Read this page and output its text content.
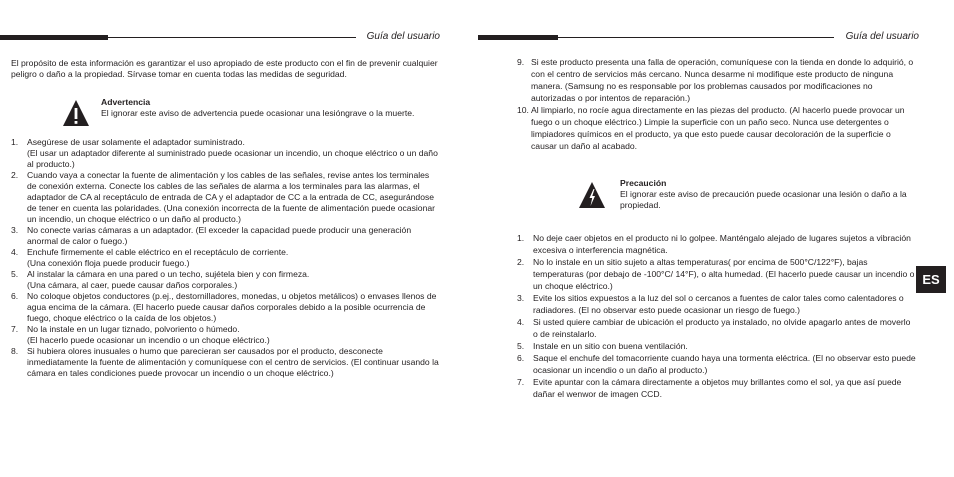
Guía del usuario

El propósito de esta información es garantizar el uso apropiado de este producto con el fin de prevenir cualquier peligro o daño a la propiedad. Sírvase tomar en cuenta todas las medidas de seguridad.

Advertencia
El ignorar este aviso de advertencia puede ocasionar una lesióngrave o la muerte.
1. Asegúrese de usar solamente el adaptador suministrado.
(El usar un adaptador diferente al suministrado puede ocasionar un incendio, un choque eléctrico o un daño al producto.)
2. Cuando vaya a conectar la fuente de alimentación y los cables de las señales, revise antes los terminales de conexión externa. Conecte los cables de las señales de alarma a los terminales para las alarmas, el adaptador de CA al receptáculo de entrada de CA y el adaptador de CC a la entrada de CC, asegurándose de tener en cuenta las polaridades. (Una conexión incorrecta de la fuente de alimentación puede ocasionar un incendio, un choque eléctrico o un daño al producto.)
3. No conecte varias cámaras a un adaptador. (El exceder la capacidad puede producir una generación anormal de calor o fuego.)
4. Enchufe firmemente el cable eléctrico en el receptáculo de corriente.
(Una conexión floja puede producir fuego.)
5. Al instalar la cámara en una pared o un techo, sujétela bien y con firmeza.
(Una cámara, al caer, puede causar daños corporales.)
6. No coloque objetos conductores (p.ej., destornilladores, monedas, u objetos metálicos) o envases llenos de agua encima de la cámara. (El hacerlo puede causar daños corporales debido a la posible ocurrencia de fuego, choque eléctrico o la caída de los objetos.)
7. No la instale en un lugar tiznado, polvoriento o húmedo.
(El hacerlo puede ocasionar un incendio o un choque eléctrico.)
8. Si hubiera olores inusuales o humo que parecieran ser causados por el producto, desconecte inmediatamente la fuente de alimentación y comuníquese con el centro de servicios. (El continuar usando la cámara en tales condiciones puede provocar un incendio o un choque eléctrico.)
Guía del usuario
9. Si este producto presenta una falla de operación, comuníquese con la tienda en donde lo adquirió, o con el centro de servicios más cercano. Nunca desarme ni modifique este producto de ninguna manera. (Samsung no es responsable por los problemas causados por modificaciones no autorizadas o por intentos de reparación.)
10. Al limpiarlo, no rocíe agua directamente en las piezas del producto. (Al hacerlo puede provocar un fuego o un choque eléctrico.) Limpie la superficie con un paño seco. Nunca use detergentes o limpiadores químicos en el producto, ya que esto puede causar decoloración de la superficie o causar un daño al acabado.
Precaución
El ignorar este aviso de precaución puede ocasionar una lesión o daño a la propiedad.
1. No deje caer objetos en el producto ni lo golpee. Manténgalo alejado de lugares sujetos a vibración excesiva o interferencia magnética.
2. No lo instale en un sitio sujeto a altas temperaturas( por encima de 500°C/122°F), bajas temperaturas (por debajo de -100°C/ 14°F), o alta humedad. (El hacerlo puede causar un incendio o un choque eléctrico.)
3. Evite los sitios expuestos a la luz del sol o cercanos a fuentes de calor tales como calentadores o radiadores. (El no observar esto puede ocasionar un riesgo de fuego.)
4. Si usted quiere cambiar de ubicación el producto ya instalado, no olvide apagarlo antes de moverlo o de reinstalarlo.
5. Instale en un sitio con buena ventilación.
6. Saque el enchufe del tomacorriente cuando haya una tormenta eléctrica. (El no observar esto puede ocasionar un incendio o un daño al producto.)
7. Evite apuntar con la cámara directamente a objetos muy brillantes como el sol, ya que así puede dañar el wenwor de imagen CCD.
ES
